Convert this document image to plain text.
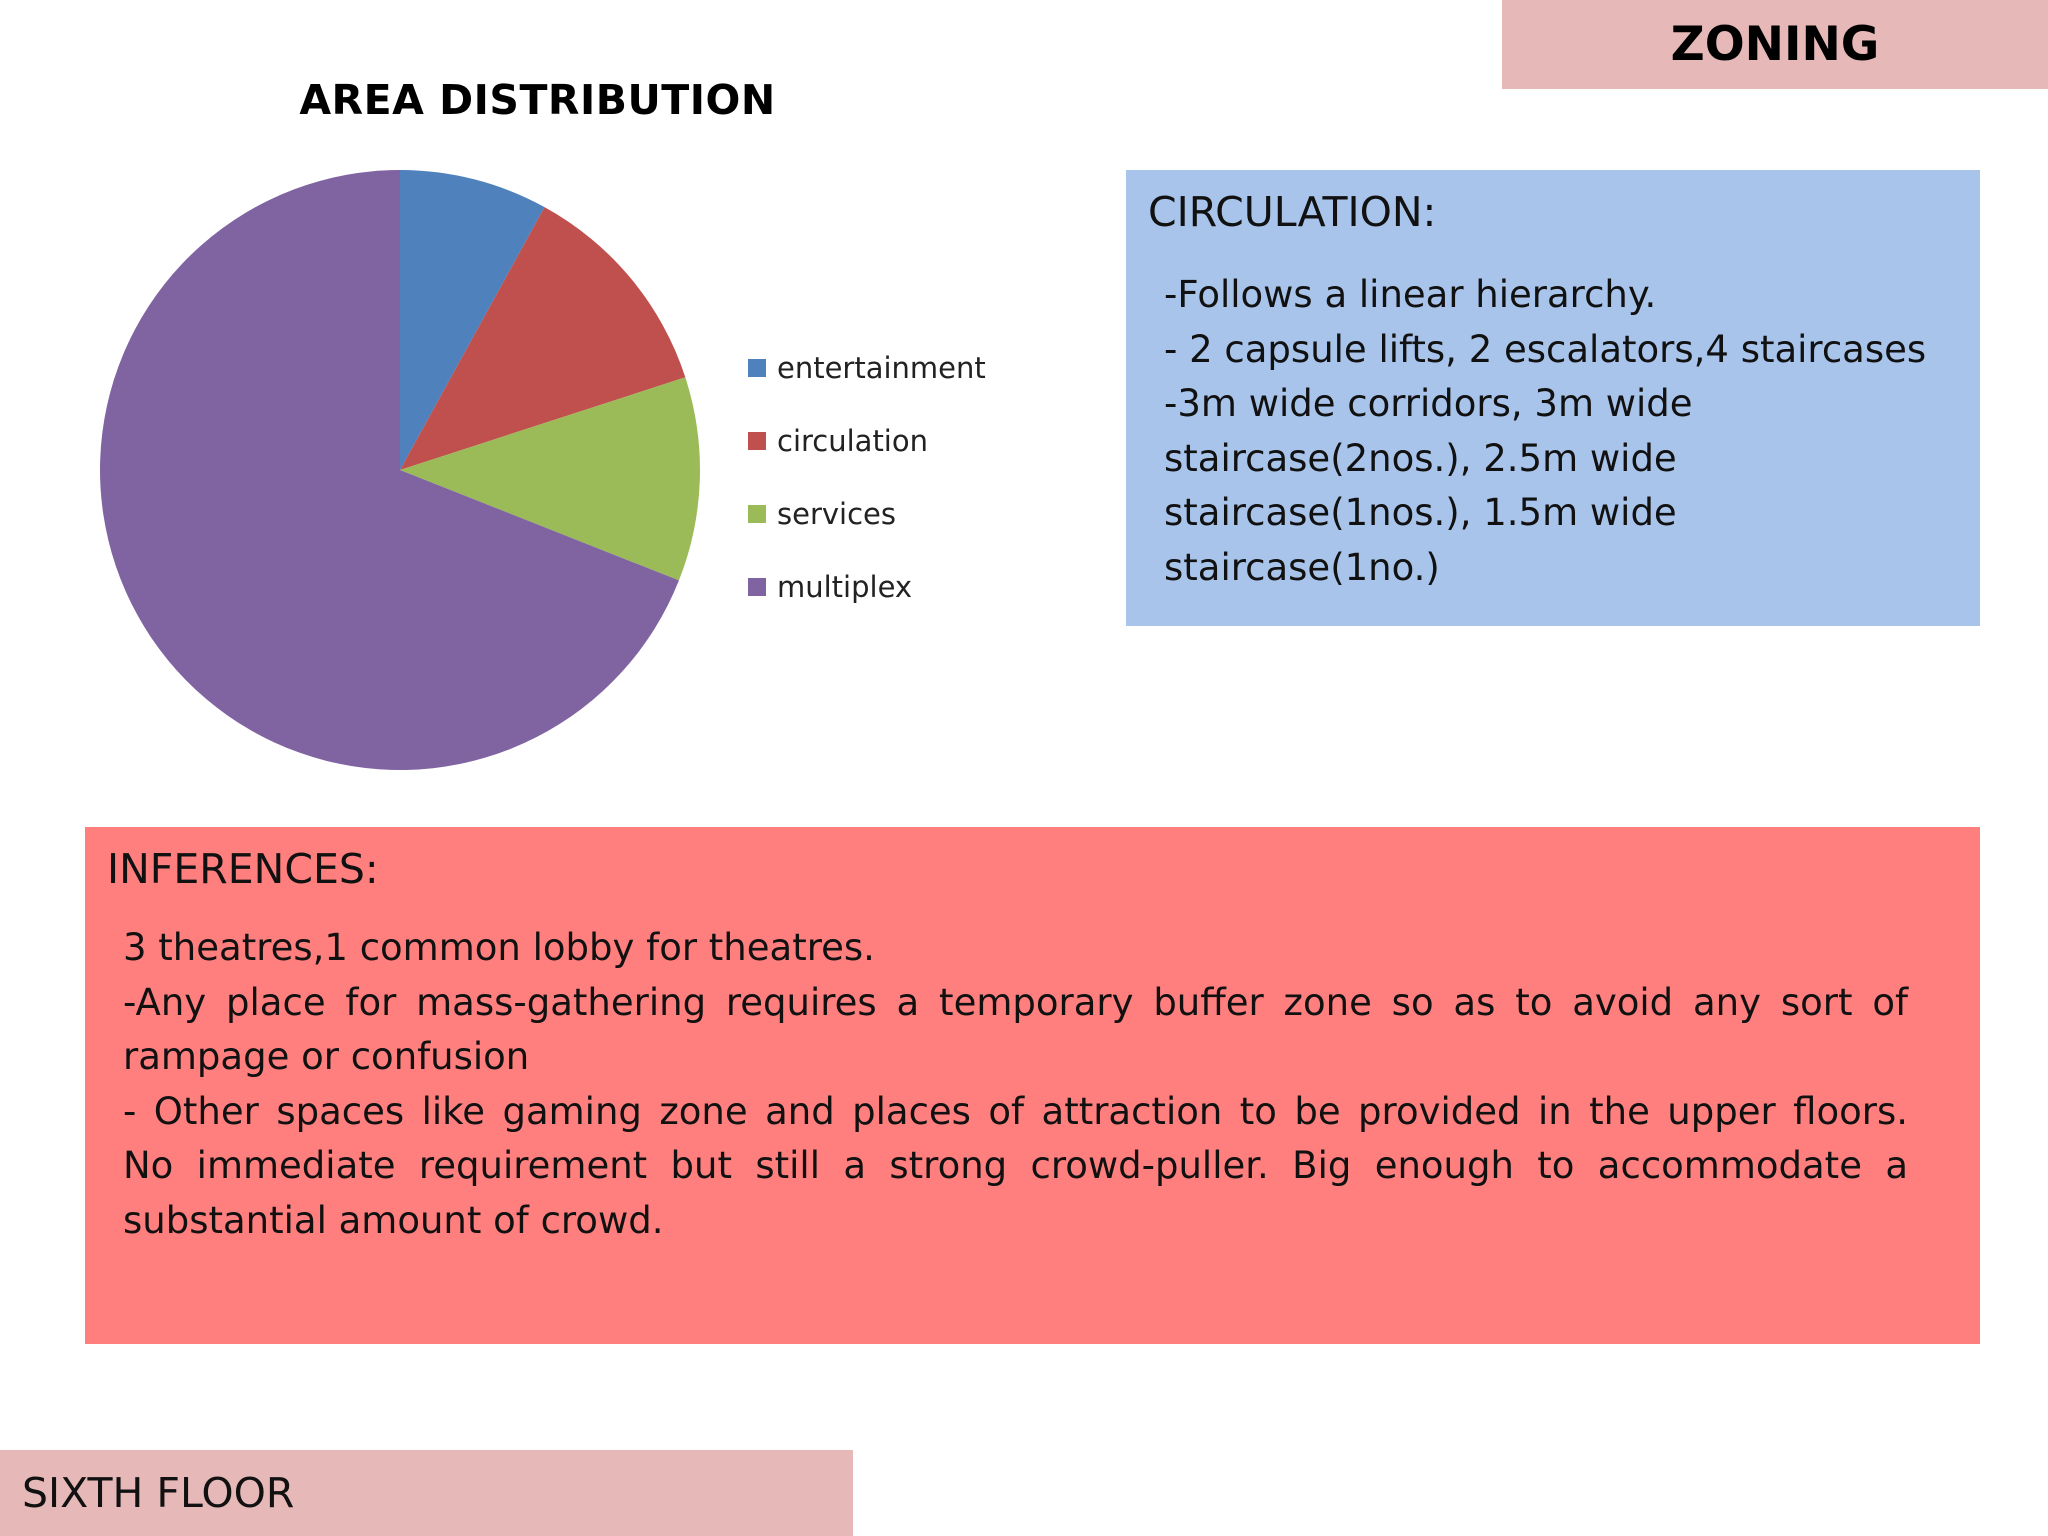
ZONING
AREA DISTRIBUTION
entertainment
circulation
services
multiplex
CIRCULATION:
-Follows a linear hierarchy.
- 2 capsule lifts, 2 escalators,4 staircases
-3m wide corridors, 3m wide
staircase(2nos.), 2.5m wide
staircase(1nos.), 1.5m wide
staircase(1no.)
INFERENCES:
3 theatres,1 common lobby for theatres.
-Any place for mass-gathering requires a temporary buffer zone so as to avoid any sort of
rampage or confusion
- Other spaces like gaming zone and places of attraction to be provided in the upper floors.
No immediate requirement but still a strong crowd-puller. Big enough to accommodate a
substantial amount of crowd.
SIXTH FLOOR
